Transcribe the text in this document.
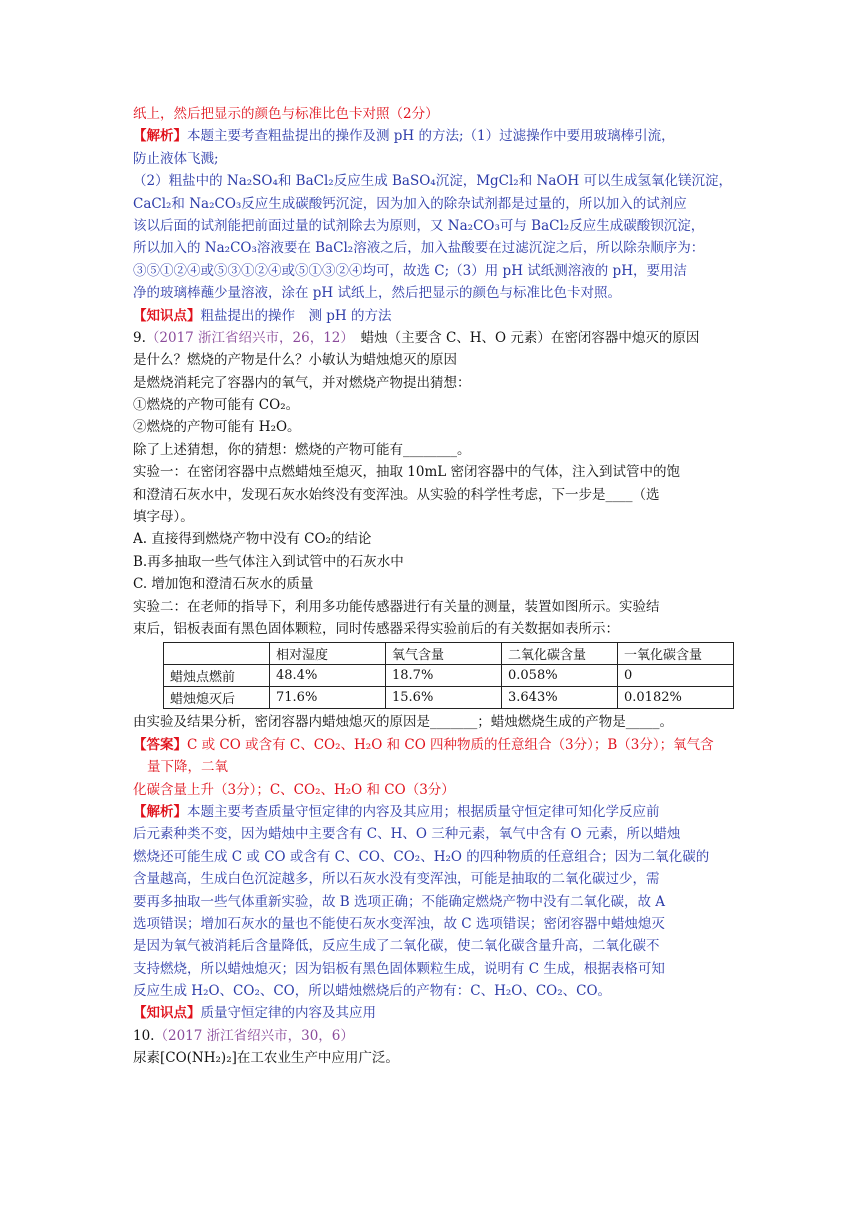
纸上，然后把显示的颜色与标准比色卡对照（2分）
【解析】本题主要考查粗盐提出的操作及测 pH 的方法;（1）过滤操作中要用玻璃棒引流，
防止液体飞溅;
（2）粗盐中的 Na₂SO₄和 BaCl₂反应生成 BaSO₄沉淀，MgCl₂和 NaOH 可以生成氢氧化镁沉淀，
CaCl₂和 Na₂CO₃反应生成碳酸钙沉淀，因为加入的除杂试剂都是过量的，所以加入的试剂应
该以后面的试剂能把前面过量的试剂除去为原则，又 Na₂CO₃可与 BaCl₂反应生成碳酸钡沉淀，
所以加入的 Na₂CO₃溶液要在 BaCl₂溶液之后，加入盐酸要在过滤沉淀之后，所以除杂顺序为：
③⑤①②④或⑤③①②④或⑤①③②④均可，故选 C;（3）用 pH 试纸测溶液的 pH，要用洁
净的玻璃棒蘸少量溶液，涂在 pH 试纸上，然后把显示的颜色与标准比色卡对照。
【知识点】粗盐提出的操作　测 pH 的方法
9.（2017 浙江省绍兴市，26，12）　蜡烛（主要含 C、H、O 元素）在密闭容器中熄灭的原因
是什么？燃烧的产物是什么？小敏认为蜡烛熄灭的原因
是燃烧消耗完了容器内的氧气，并对燃烧产物提出猜想：
①燃烧的产物可能有 CO₂。
②燃烧的产物可能有 H₂O。
除了上述猜想，你的猜想：燃烧的产物可能有________。
实验一：在密闭容器中点燃蜡烛至熄灭，抽取 10mL 密闭容器中的气体，注入到试管中的饱
和澄清石灰水中，发现石灰水始终没有变浑浊。从实验的科学性考虑，下一步是____（选
填字母）。
A. 直接得到燃烧产物中没有 CO₂的结论
B.再多抽取一些气体注入到试管中的石灰水中
C. 增加饱和澄清石灰水的质量
实验二：在老师的指导下，利用多功能传感器进行有关量的测量，装置如图所示。实验结
束后，铝板表面有黑色固体颗粒，同时传感器采得实验前后的有关数据如表所示：
	相对湿度	氧气含量	二氧化碳含量	一氧化碳含量
蜡烛点燃前	48.4%	18.7%	0.058%	0
蜡烛熄灭后	71.6%	15.6%	3.643%	0.0182%
由实验及结果分析，密闭容器内蜡烛熄灭的原因是_______；蜡烛燃烧生成的产物是_____。
【答案】C 或 CO 或含有 C、CO₂、H₂O 和 CO 四种物质的任意组合（3分）；B（3分）；氧气含
量下降，二氧
化碳含量上升（3分）；C、CO₂、H₂O 和 CO（3分）
【解析】本题主要考查质量守恒定律的内容及其应用；根据质量守恒定律可知化学反应前
后元素种类不变，因为蜡烛中主要含有 C、H、O 三种元素，氧气中含有 O 元素，所以蜡烛
燃烧还可能生成 C 或 CO 或含有 C、CO、CO₂、H₂O 的四种物质的任意组合；因为二氧化碳的
含量越高，生成白色沉淀越多，所以石灰水没有变浑浊，可能是抽取的二氧化碳过少，需
要再多抽取一些气体重新实验，故 B 选项正确；不能确定燃烧产物中没有二氧化碳，故 A
选项错误；增加石灰水的量也不能使石灰水变浑浊，故 C 选项错误；密闭容器中蜡烛熄灭
是因为氧气被消耗后含量降低，反应生成了二氧化碳，使二氧化碳含量升高，二氧化碳不
支持燃烧，所以蜡烛熄灭；因为铝板有黑色固体颗粒生成，说明有 C 生成，根据表格可知
反应生成 H₂O、CO₂、CO，所以蜡烛燃烧后的产物有：C、H₂O、CO₂、CO。
【知识点】质量守恒定律的内容及其应用
10.（2017 浙江省绍兴市，30，6）
尿素[CO(NH₂)₂]在工农业生产中应用广泛。
